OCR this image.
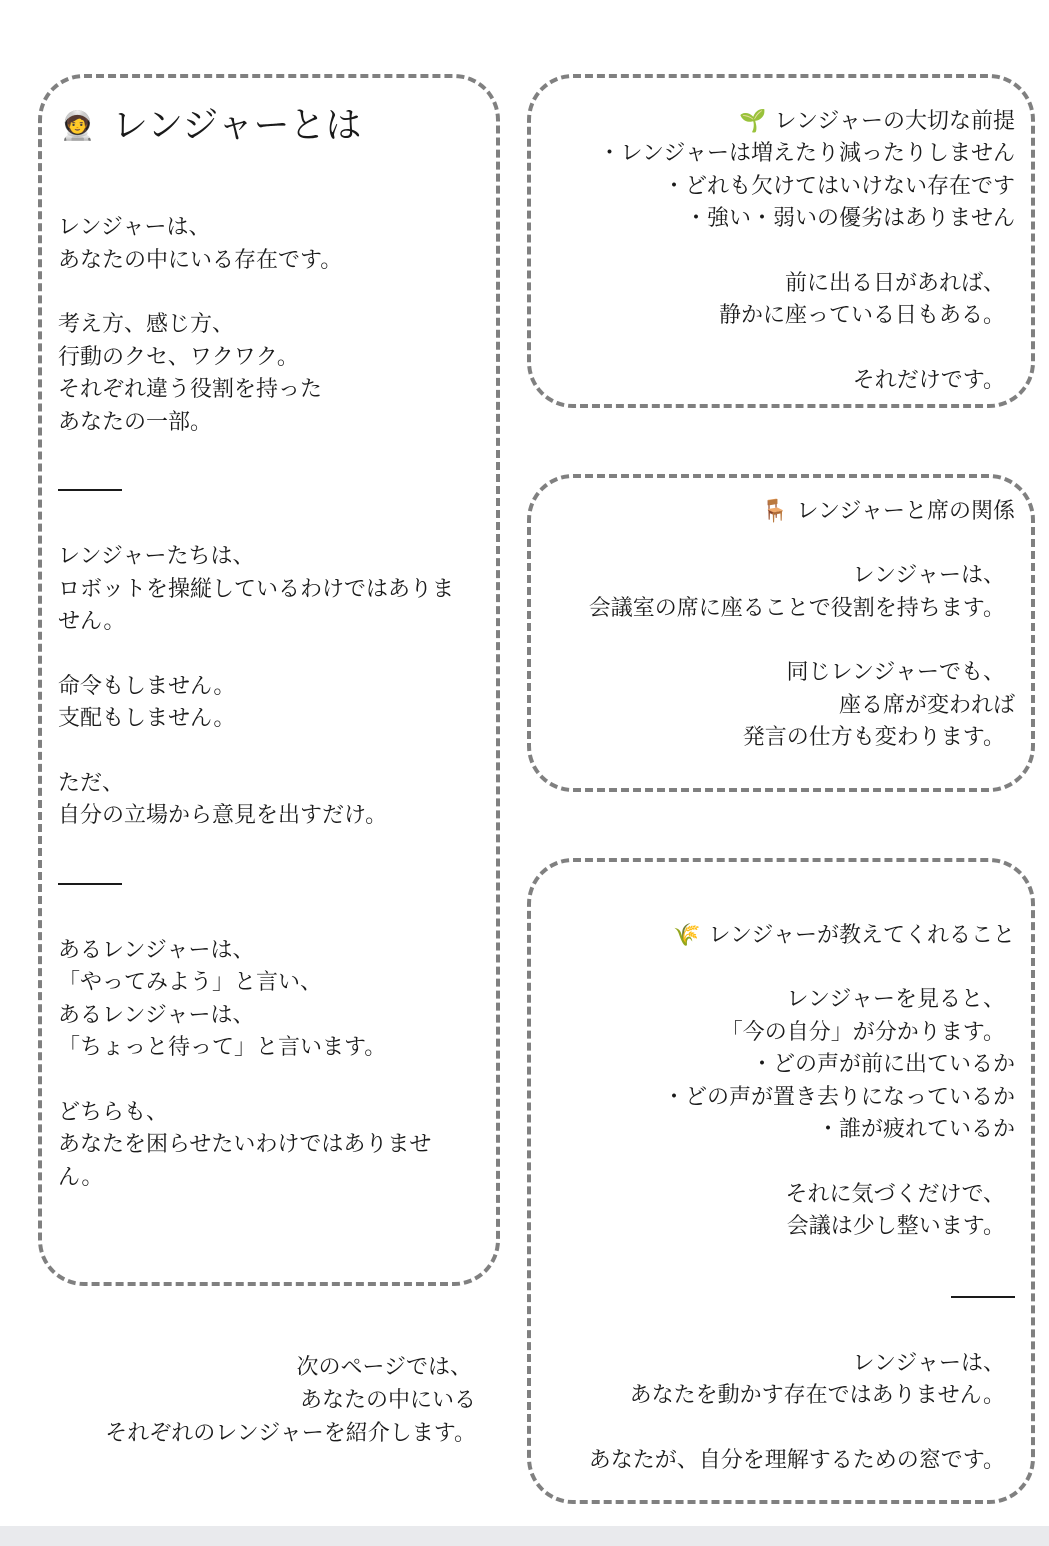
🧑‍🚀 レンジャーとは
レンジャーは、
あなたの中にいる存在です。
考え方、感じ方、
行動のクセ、ワクワク。
それぞれ違う役割を持った
あなたの一部。
レンジャーたちは、
ロボットを操縦しているわけではありません。
命令もしません。
支配もしません。
ただ、
自分の立場から意見を出すだけ。
あるレンジャーは、
「やってみよう」と言い、
あるレンジャーは、
「ちょっと待って」と言います。
どちらも、
あなたを困らせたいわけではありません。
次のページでは、
あなたの中にいる
それぞれのレンジャーを紹介します。
🌱 レンジャーの大切な前提
・レンジャーは増えたり減ったりしません
・どれも欠けてはいけない存在です
・強い・弱いの優劣はありません
前に出る日があれば、
静かに座っている日もある。
それだけです。
🪑 レンジャーと席の関係
レンジャーは、
会議室の席に座ることで役割を持ちます。
同じレンジャーでも、
座る席が変われば
発言の仕方も変わります。
🌾 レンジャーが教えてくれること
レンジャーを見ると、
「今の自分」が分かります。
・どの声が前に出ているか
・どの声が置き去りになっているか
・誰が疲れているか
それに気づくだけで、
会議は少し整います。
レンジャーは、
あなたを動かす存在ではありません。
あなたが、自分を理解するための窓です。
